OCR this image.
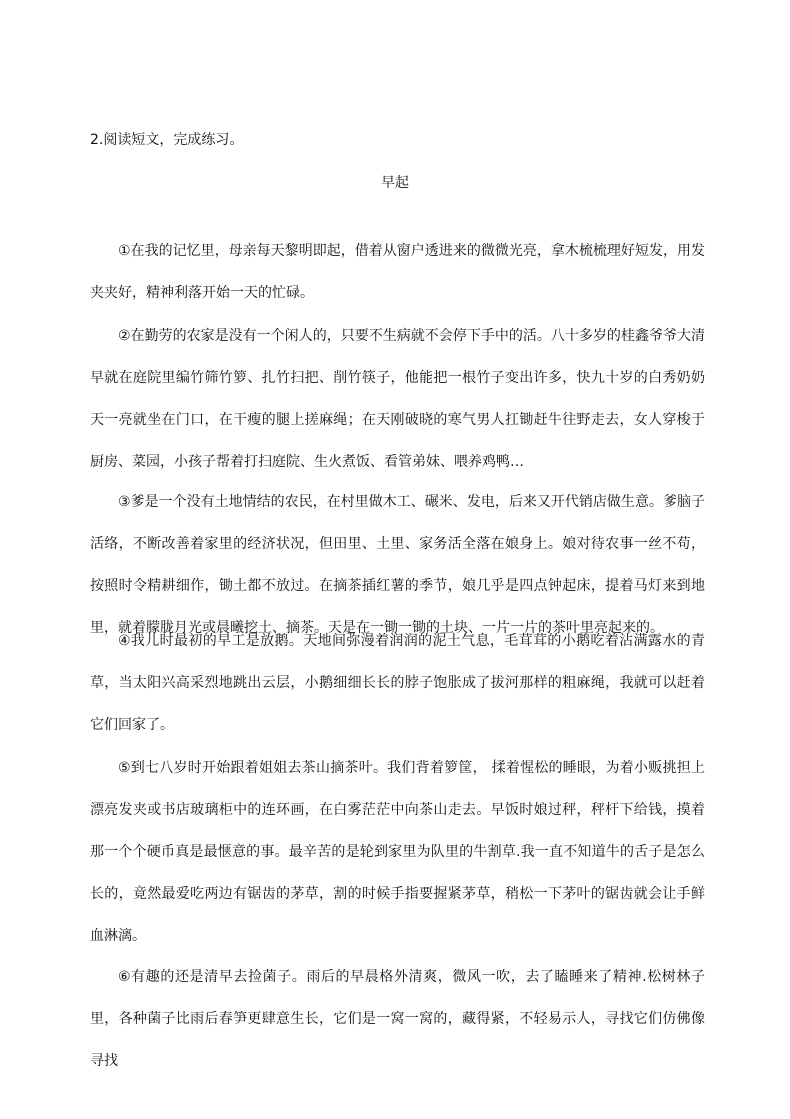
2.阅读短文，完成练习。
早起

①在我的记忆里，母亲每天黎明即起，借着从窗户透进来的微微光亮，拿木梳梳理好短发，用发夹夹好，精神利落开始一天的忙碌。

②在勤劳的农家是没有一个闲人的，只要不生病就不会停下手中的活。八十多岁的桂鑫爷爷大清早就在庭院里编竹筛竹箩、扎竹扫把、削竹筷子，他能把一根竹子变出许多，快九十岁的白秀奶奶天一亮就坐在门口，在干瘦的腿上搓麻绳；在天刚破晓的寒气男人扛锄赶牛往野走去，女人穿梭于厨房、菜园，小孩子帮着打扫庭院、生火煮饭、看管弟妹、喂养鸡鸭…

③爹是一个没有土地情结的农民，在村里做木工、碾米、发电，后来又开代销店做生意。爹脑子活络，不断改善着家里的经济状况，但田里、土里、家务活全落在娘身上。娘对待农事一丝不苟，按照时令精耕细作，锄土都不放过。在摘茶插红薯的季节，娘几乎是四点钟起床，提着马灯来到地里，就着朦胧月光或晨曦挖土、摘茶。天是在一锄一锄的土块、一片一片的茶叶里亮起来的。

④我儿时最初的早工是放鹅。天地间弥漫着润润的泥土气息，毛茸茸的小鹅吃着沾满露水的青草，当太阳兴高采烈地跳出云层，小鹅细细长长的脖子饱胀成了拔河那样的粗麻绳，我就可以赶着它们回家了。

⑤到七八岁时开始跟着姐姐去茶山摘茶叶。我们背着箩筐， 揉着惺松的睡眼，为着小贩挑担上漂亮发夹或书店玻璃柜中的连环画，在白雾茫茫中向茶山走去。早饭时娘过秤，秤杆下给钱，摸着那一个个硬币真是最惬意的事。最辛苦的是轮到家里为队里的牛割草.我一直不知道牛的舌子是怎么长的，竟然最爱吃两边有锯齿的茅草，割的时候手指要握紧茅草，稍松一下茅叶的锯齿就会让手鲜血淋漓。

⑥有趣的还是清早去捡菌子。雨后的早晨格外清爽，微风一吹，去了瞌睡来了精神.松树林子里，各种菌子比雨后春笋更肆意生长，它们是一窝一窝的，藏得紧，不轻易示人，寻找它们仿佛像寻找
